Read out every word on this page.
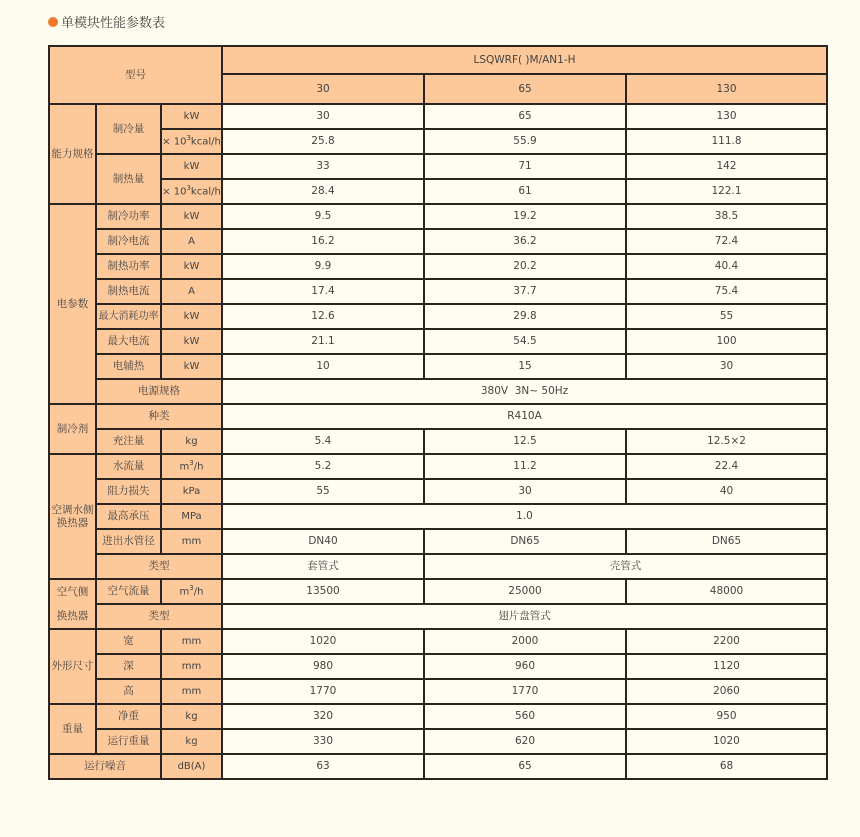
单模块性能参数表
型号			LSQWRF( )M/AN1-H		
			30	65	130
能力规格	制冷量	kW	30	65	130
		× $10^3kcal/h$	25.8	55.9	111.8
	制热量	kW	33	71	142
		× $10^3kcal/h$	28.4	61	122.1
电参数	制冷功率	kW	9.5	19.2	38.5
	制冷电流	A	16.2	36.2	72.4
	制热功率	kW	9.9	20.2	40.4
	制热电流	A	17.4	37.7	75.4
	最大消耗功率	kW	12.6	29.8	55
	最大电流	kW	21.1	54.5	100
	电辅热	kW	10	15	30
	电源规格		380V  3N~ 50Hz		
制冷剂	种类		R410A		
	充注量	kg	5.4	12.5	12.5×2
空调水侧换热器	水流量	$m^3/h$	5.2	11.2	22.4
	阻力损失	kPa	55	30	40
	最高承压	MPa	1.0		
	进出水管径	mm	DN40	DN65	DN65
	类型		套管式	壳管式	
空气侧	空气流量	$m^3/h$	13500	25000	48000
换热器	类型		翅片盘管式		
外形尺寸	宽	mm	1020	2000	2200
	深	mm	980	960	1120
	高	mm	1770	1770	2060
重量	净重	kg	320	560	950
	运行重量	kg	330	620	1020
运行噪音		dB(A)	63	65	68
